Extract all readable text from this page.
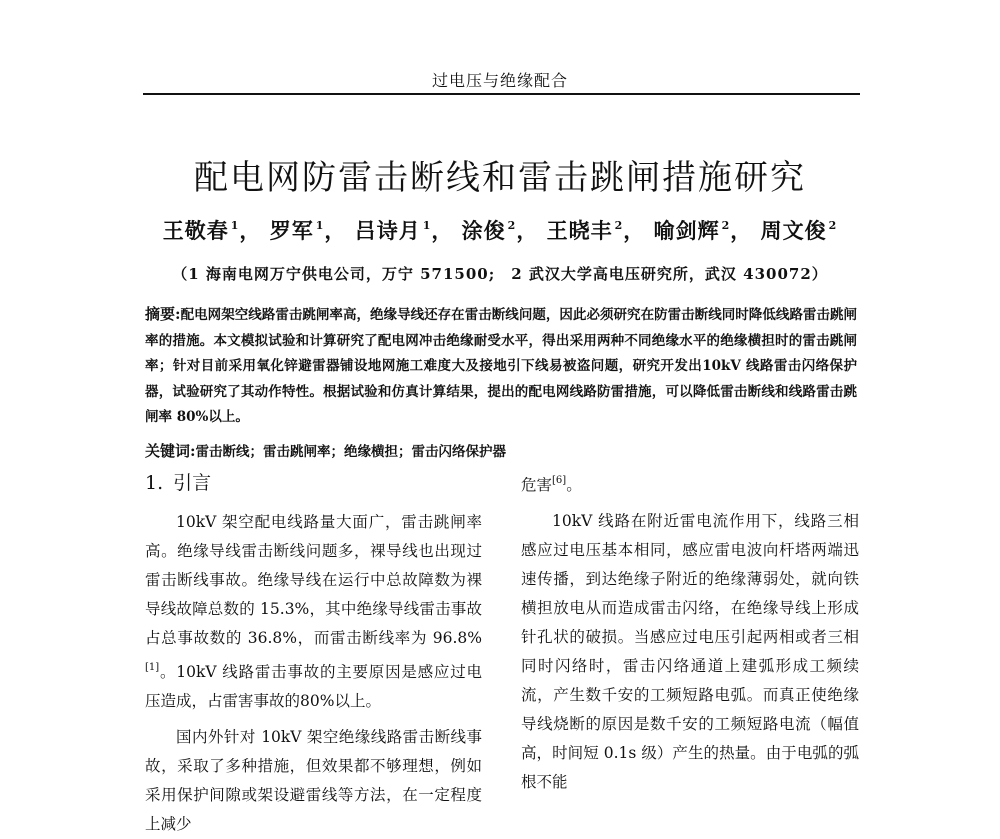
过电压与绝缘配合
配电网防雷击断线和雷击跳闸措施研究
王敬春 $^1$， 罗军 $^1$， 吕诗月 $^1$， 涂俊 $^2$， 王晓丰 $^2$， 喻剑辉 $^2$， 周文俊 $^2$
（1 海南电网万宁供电公司，万宁 571500;　2 武汉大学高电压研究所，武汉 430072）
摘要:配电网架空线路雷击跳闸率高，绝缘导线还存在雷击断线问题，因此必须研究在防雷击断线同时降低线路雷击跳闸率的措施。本文模拟试验和计算研究了配电网冲击绝缘耐受水平，得出采用两种不同绝缘水平的绝缘横担时的雷击跳闸率；针对目前采用氧化锌避雷器铺设地网施工难度大及接地引下线易被盗问题，研究开发出10kV 线路雷击闪络保护器，试验研究了其动作特性。根据试验和仿真计算结果，提出的配电网线路防雷措施，可以降低雷击断线和线路雷击跳闸率 80%以上。
关键词:雷击断线；雷击跳闸率；绝缘横担；雷击闪络保护器
1. 引言

10kV 架空配电线路量大面广，雷击跳闸率高。绝缘导线雷击断线问题多，裸导线也出现过雷击断线事故。绝缘导线在运行中总故障数为裸导线故障总数的 15.3%，其中绝缘导线雷击事故占总事故数的 36.8%，而雷击断线率为 96.8%[1]。10kV 线路雷击事故的主要原因是感应过电压造成，占雷害事故的80%以上。

国内外针对 10kV 架空绝缘线路雷击断线事故，采取了多种措施，但效果都不够理想，例如采用保护间隙或架设避雷线等方法，在一定程度上减少

危害[6]。

10kV 线路在附近雷电流作用下，线路三相感应过电压基本相同，感应雷电波向杆塔两端迅速传播，到达绝缘子附近的绝缘薄弱处，就向铁横担放电从而造成雷击闪络，在绝缘导线上形成针孔状的破损。当感应过电压引起两相或者三相同时闪络时，雷击闪络通道上建弧形成工频续流，产生数千安的工频短路电弧。而真正使绝缘导线烧断的原因是数千安的工频短路电流（幅值高，时间短 0.1s 级）产生的热量。由于电弧的弧根不能
